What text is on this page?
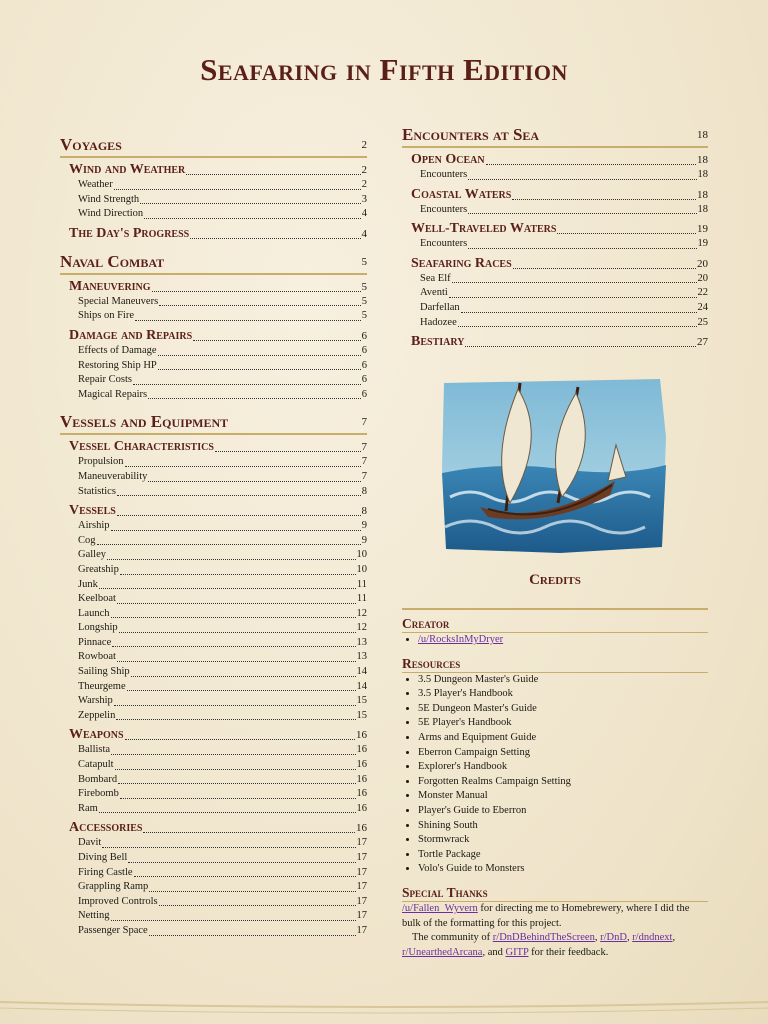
Seafaring in Fifth Edition
Voyages	2
Wind and Weather	2
Weather	2
Wind Strength	3
Wind Direction	4
The Day's Progress	4
Naval Combat	5
Maneuvering	5
Special Maneuvers	5
Ships on Fire	5
Damage and Repairs	6
Effects of Damage	6
Restoring Ship HP	6
Repair Costs	6
Magical Repairs	6
Vessels and Equipment	7
Vessel Characteristics	7
Propulsion	7
Maneuverability	7
Statistics	8
Vessels	8
Airship	9
Cog	9
Galley	10
Greatship	10
Junk	11
Keelboat	11
Launch	12
Longship	12
Pinnace	13
Rowboat	13
Sailing Ship	14
Theurgeme	14
Warship	15
Zeppelin	15
Weapons	16
Ballista	16
Catapult	16
Bombard	16
Firebomb	16
Ram	16
Accessories	16
Davit	17
Diving Bell	17
Firing Castle	17
Grappling Ramp	17
Improved Controls	17
Netting	17
Passenger Space	17
Encounters at Sea	18
Open Ocean	18
Encounters	18
Coastal Waters	18
Encounters	18
Well-Traveled Waters	19
Encounters	19
Seafaring Races	20
Sea Elf	20
Aventi	22
Darfellan	24
Hadozee	25
Bestiary	27
Credits
Creator
• /u/RocksInMyDryer
Resources
• 3.5 Dungeon Master's Guide
• 3.5 Player's Handbook
• 5E Dungeon Master's Guide
• 5E Player's Handbook
• Arms and Equipment Guide
• Eberron Campaign Setting
• Explorer's Handbook
• Forgotten Realms Campaign Setting
• Monster Manual
• Player's Guide to Eberron
• Shining South
• Stormwrack
• Tortle Package
• Volo's Guide to Monsters
Special Thanks

/u/Fallen_Wyvern for directing me to Homebrewery, where I did the bulk of the formatting for this project.

The community of r/DnDBehindTheScreen, r/DnD, r/dndnext, r/UnearthedArcana, and GITP for their feedback.
